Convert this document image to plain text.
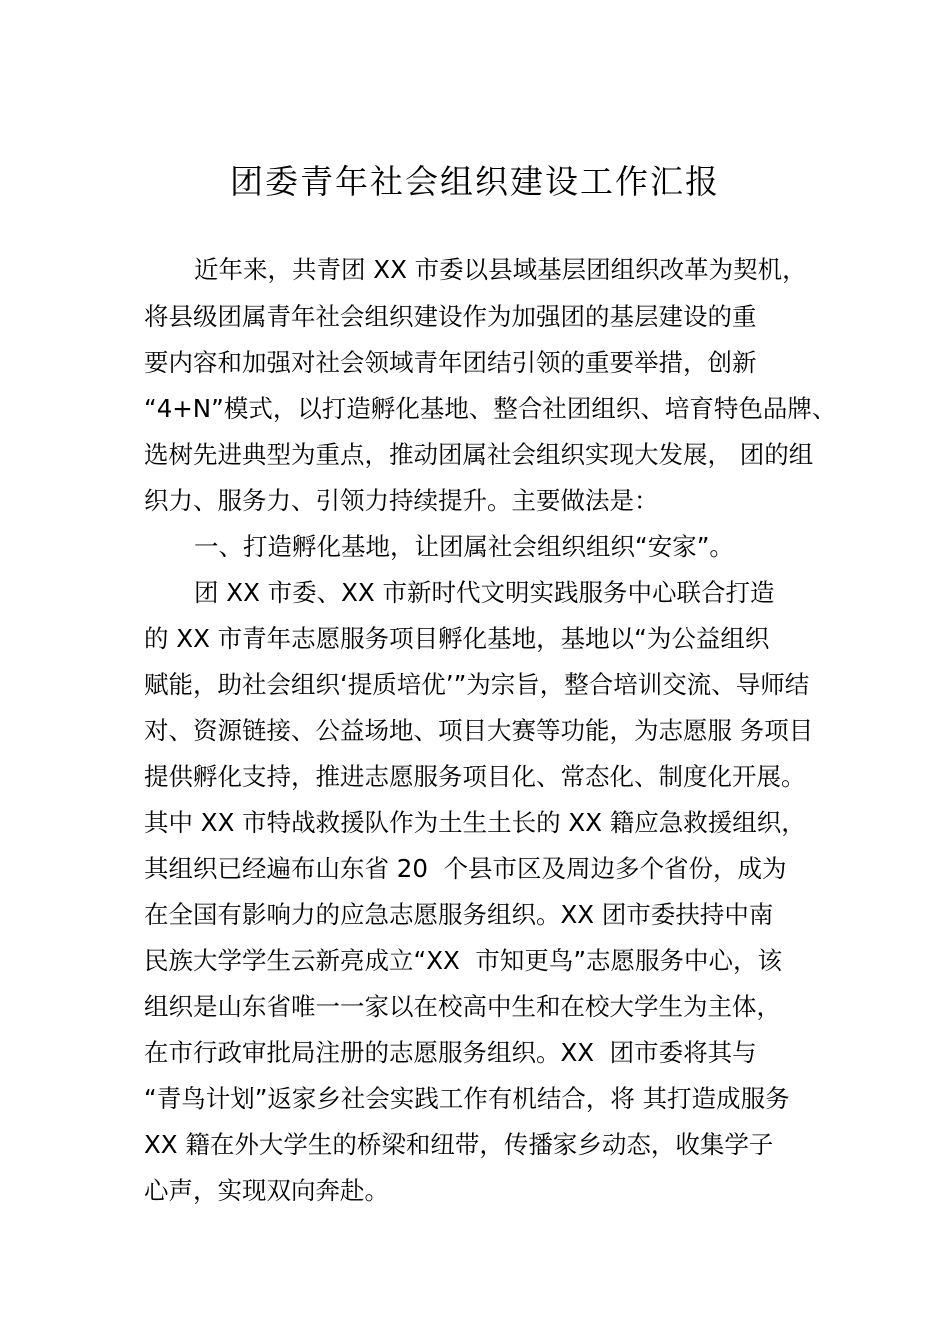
团委青年社会组织建设工作汇报

近年来，共青团 XX 市委以县域基层团组织改革为契机，

将县级团属青年社会组织建设作为加强团的基层建设的重

要内容和加强对社会领域青年团结引领的重要举措，创新

“4+N”模式，以打造孵化基地、整合社团组织、培育特色品牌、

选树先进典型为重点，推动团属社会组织实现大发展， 团的组

织力、服务力、引领力持续提升。主要做法是：

一、打造孵化基地，让团属社会组织组织“安家”。

团 XX 市委、XX 市新时代文明实践服务中心联合打造

的 XX 市青年志愿服务项目孵化基地，基地以“为公益组织

赋能，助社会组织‘提质培优’”为宗旨，整合培训交流、导师结

对、资源链接、公益场地、项目大赛等功能，为志愿服 务项目

提供孵化支持，推进志愿服务项目化、常态化、制度化开展。

其中 XX 市特战救援队作为土生土长的 XX 籍应急救援组织，

其组织已经遍布山东省 20  个县市区及周边多个省份，成为

在全国有影响力的应急志愿服务组织。XX 团市委扶持中南

民族大学学生云新亮成立“XX  市知更鸟”志愿服务中心，该

组织是山东省唯一一家以在校高中生和在校大学生为主体，

在市行政审批局注册的志愿服务组织。XX  团市委将其与

“青鸟计划”返家乡社会实践工作有机结合，将 其打造成服务

XX 籍在外大学生的桥梁和纽带，传播家乡动态，收集学子

心声，实现双向奔赴。
